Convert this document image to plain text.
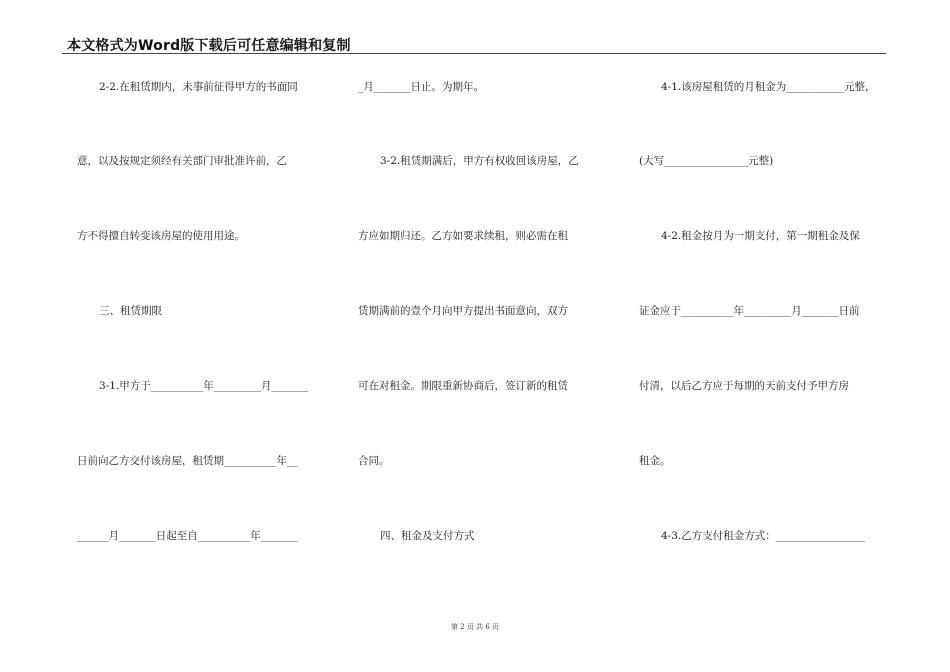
本文格式为Word版下载后可任意编辑和复制
2-2.在租赁期内，未事前征得甲方的书面同
意，以及按规定须经有关部门审批准许前，乙
方不得擅自转变该房屋的使用用途。
三、租赁期限
3-1.甲方于__________年_________月_______
日前向乙方交付该房屋，租赁期__________年__
______月_______日起至自__________年_______
_月_______日止。为期年。
3-2.租赁期满后，甲方有权收回该房屋，乙
方应如期归还。乙方如要求续租，则必需在租
赁期满前的壹个月向甲方提出书面意向，双方
可在对租金。期限重新协商后，签订新的租赁
合同。
四、租金及支付方式
4-1.该房屋租赁的月租金为___________元整，
(大写________________元整)
4-2.租金按月为一期支付，第一期租金及保
证金应于__________年_________月_______日前
付清，以后乙方应于每期的天前支付予甲方房
租金。
4-3.乙方支付租金方式：_________________
第 2 页 共 6 页
